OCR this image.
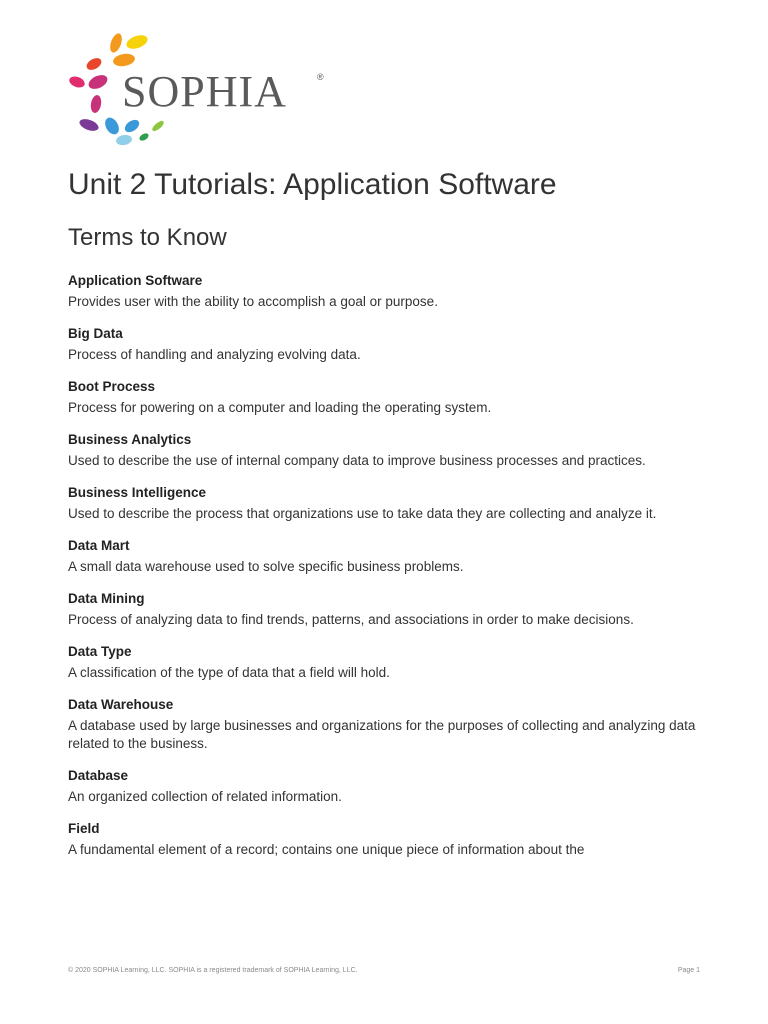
SOPHIA	®
Unit 2 Tutorials: Application Software
Terms to Know
Application Software
Provides user with the ability to accomplish a goal or purpose.
Big Data
Process of handling and analyzing evolving data.
Boot Process
Process for powering on a computer and loading the operating system.
Business Analytics
Used to describe the use of internal company data to improve business processes and practices.
Business Intelligence
Used to describe the process that organizations use to take data they are collecting and analyze it.
Data Mart
A small data warehouse used to solve specific business problems.
Data Mining
Process of analyzing data to find trends, patterns, and associations in order to make decisions.
Data Type
A classification of the type of data that a field will hold.
Data Warehouse
A database used by large businesses and organizations for the purposes of collecting and analyzing data related to the business.
Database
An organized collection of related information.
Field
A fundamental element of a record; contains one unique piece of information about the
© 2020 SOPHIA Learning, LLC. SOPHIA is a registered trademark of SOPHIA Learning, LLC.	Page 1
